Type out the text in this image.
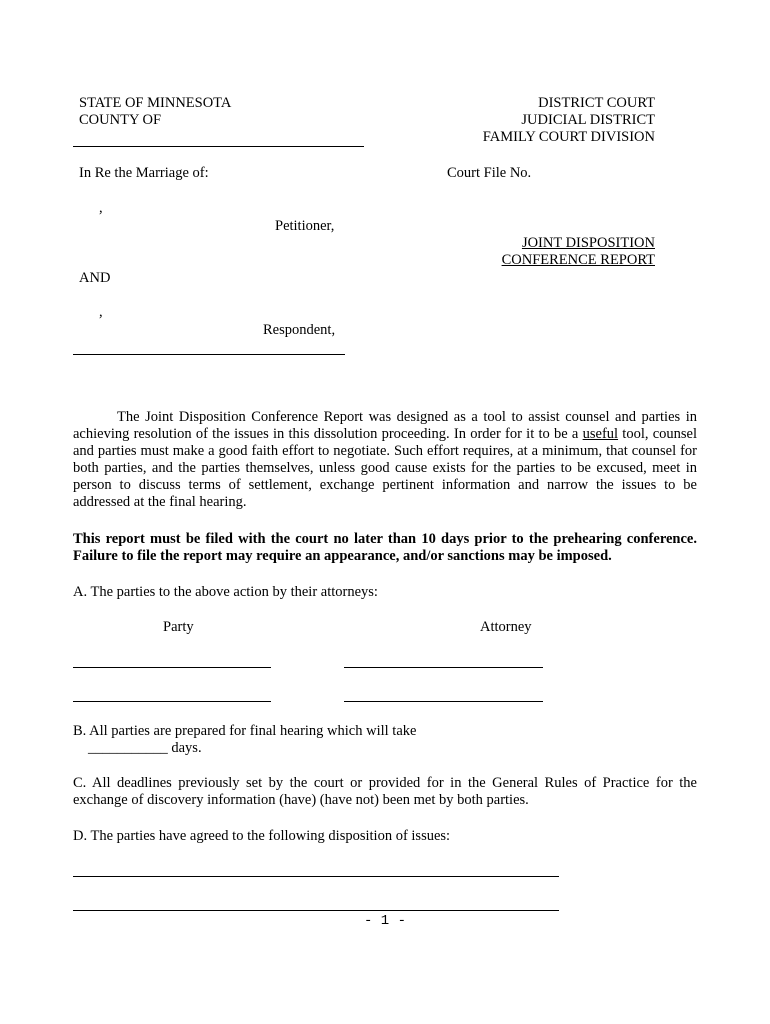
STATE OF MINNESOTA
COUNTY OF
DISTRICT COURT
JUDICIAL DISTRICT
FAMILY COURT DIVISION
In Re the Marriage of:	Court File No.
,
Petitioner,
JOINT DISPOSITION
CONFERENCE REPORT
AND
,
Respondent,
The Joint Disposition Conference Report was designed as a tool to assist counsel and parties in achieving resolution of the issues in this dissolution proceeding. In order for it to be a useful tool, counsel and parties must make a good faith effort to negotiate. Such effort requires, at a minimum, that counsel for both parties, and the parties themselves, unless good cause exists for the parties to be excused, meet in person to discuss terms of settlement, exchange pertinent information and narrow the issues to be addressed at the final hearing.
This report must be filed with the court no later than 10 days prior to the prehearing conference. Failure to file the report may require an appearance, and/or sanctions may be imposed.
A. The parties to the above action by their attorneys:
Party	Attorney
B. All parties are prepared for final hearing which will take
___________ days.
C. All deadlines previously set by the court or provided for in the General Rules of Practice for the exchange of discovery information (have) (have not) been met by both parties.
D. The parties have agreed to the following disposition of issues:
- 1 -
